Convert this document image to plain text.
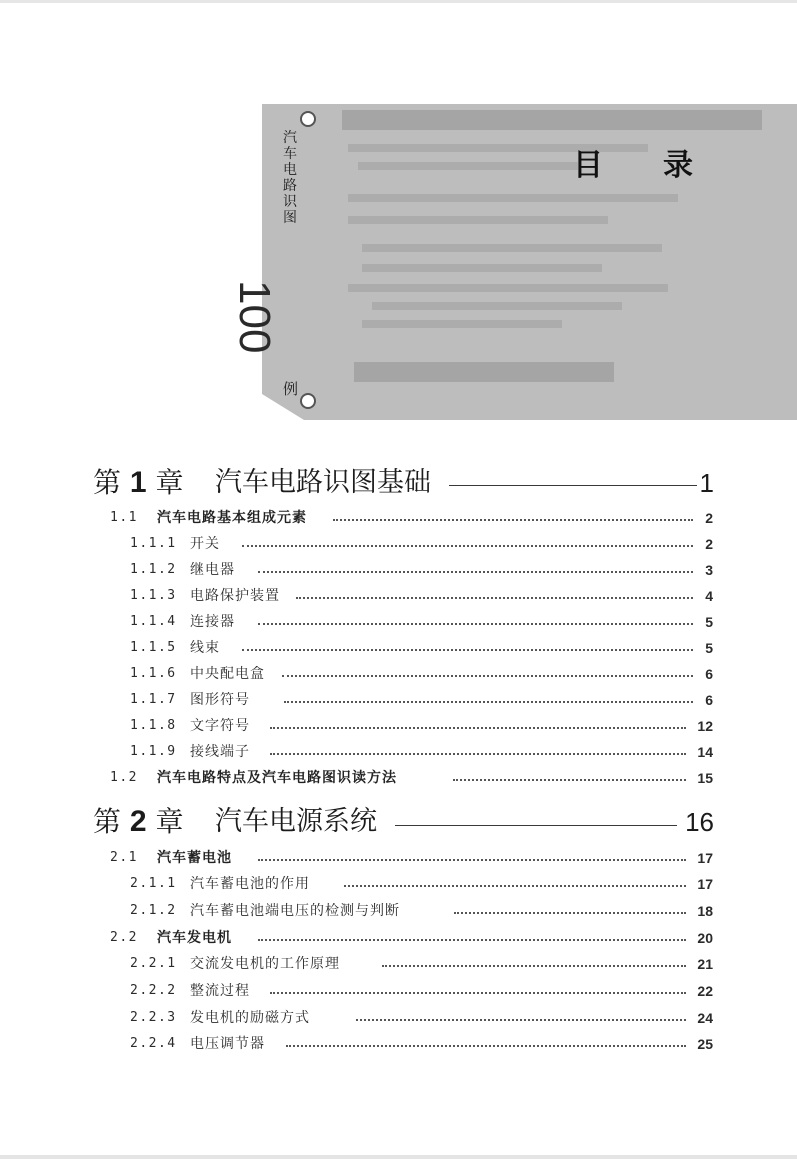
目录
汽车电路识图
100
例
第 1 章 汽车电路识图基础	1
1.1 汽车电路基本组成元素	2
1.1.1 开关	2
1.1.2 继电器	3
1.1.3 电路保护装置	4
1.1.4 连接器	5
1.1.5 线束	5
1.1.6 中央配电盒	6
1.1.7 图形符号	6
1.1.8 文字符号	12
1.1.9 接线端子	14
1.2 汽车电路特点及汽车电路图识读方法	15
第 2 章 汽车电源系统	16
2.1 汽车蓄电池	17
2.1.1 汽车蓄电池的作用	17
2.1.2 汽车蓄电池端电压的检测与判断	18
2.2 汽车发电机	20
2.2.1 交流发电机的工作原理	21
2.2.2 整流过程	22
2.2.3 发电机的励磁方式	24
2.2.4 电压调节器	25
